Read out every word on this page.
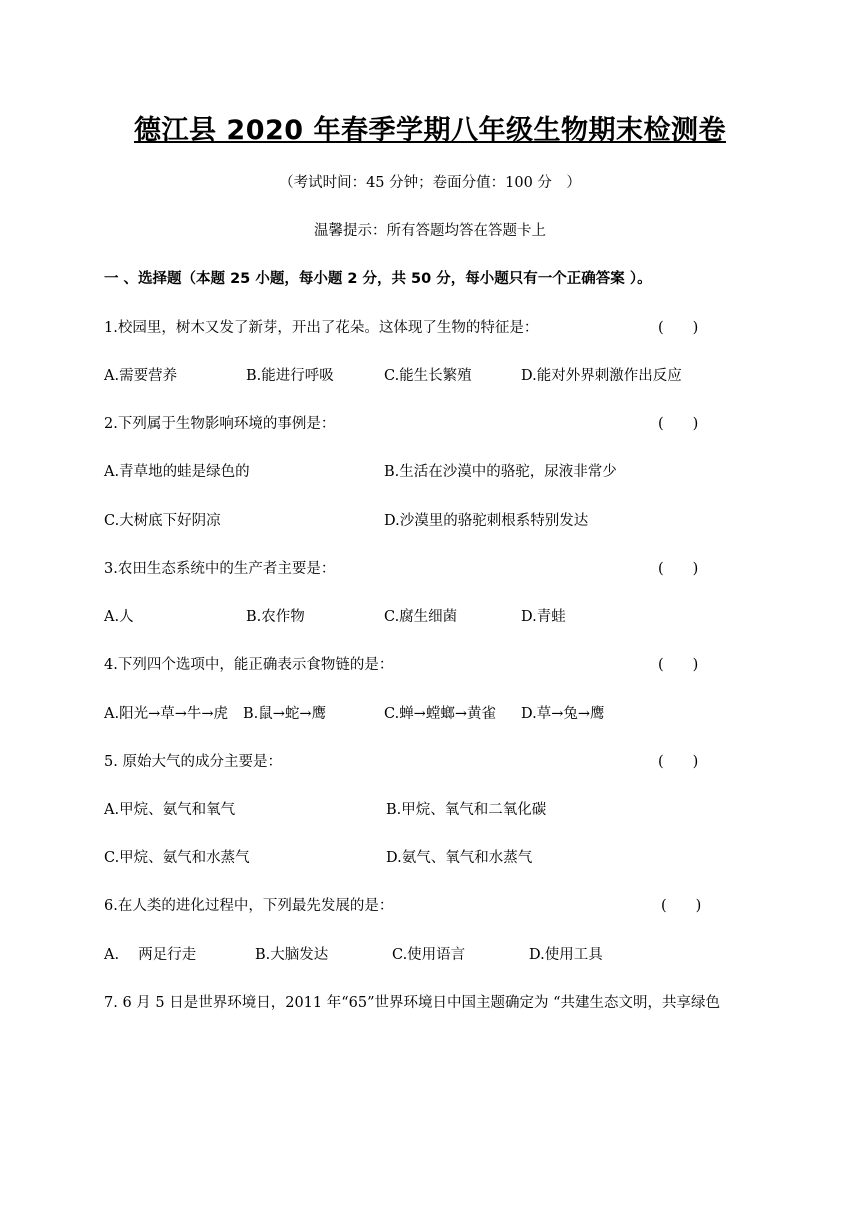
德江县 2020 年春季学期八年级生物期末检测卷
（考试时间：45 分钟；卷面分值：100 分　）
温馨提示：所有答题均答在答题卡上
一 、选择题（本题 25 小题，每小题 2 分，共 50 分，每小题只有一个正确答案 ）。
1.校园里，树木又发了新芽，开出了花朵。这体现了生物的特征是：	(　　)
A.需要营养	B.能进行呼吸	C.能生长繁殖	D.能对外界刺激作出反应
2.下列属于生物影响环境的事例是：	(　　)
A.青草地的蛙是绿色的	B.生活在沙漠中的骆驼，尿液非常少
C.大树底下好阴凉	D.沙漠里的骆驼刺根系特别发达
3.农田生态系统中的生产者主要是：	(　　)
A.人	B.农作物	C.腐生细菌	D.青蛙
4.下列四个选项中，能正确表示食物链的是：	(　　)
A.阳光→草→牛→虎 B.鼠→蛇→鹰	C.蝉→螳螂→黄雀 D.草→兔→鹰
5. 原始大气的成分主要是：	(　　)
A.甲烷、氨气和氧气	B.甲烷、氧气和二氧化碳
C.甲烷、氨气和水蒸气	D.氨气、氧气和水蒸气
6.在人类的进化过程中，下列最先发展的是：	(　　)
A.　 两足行走	B.大脑发达	C.使用语言	D.使用工具
7. 6 月 5 日是世界环境日，2011 年“65”世界环境日中国主题确定为 “共建生态文明，共享绿色
